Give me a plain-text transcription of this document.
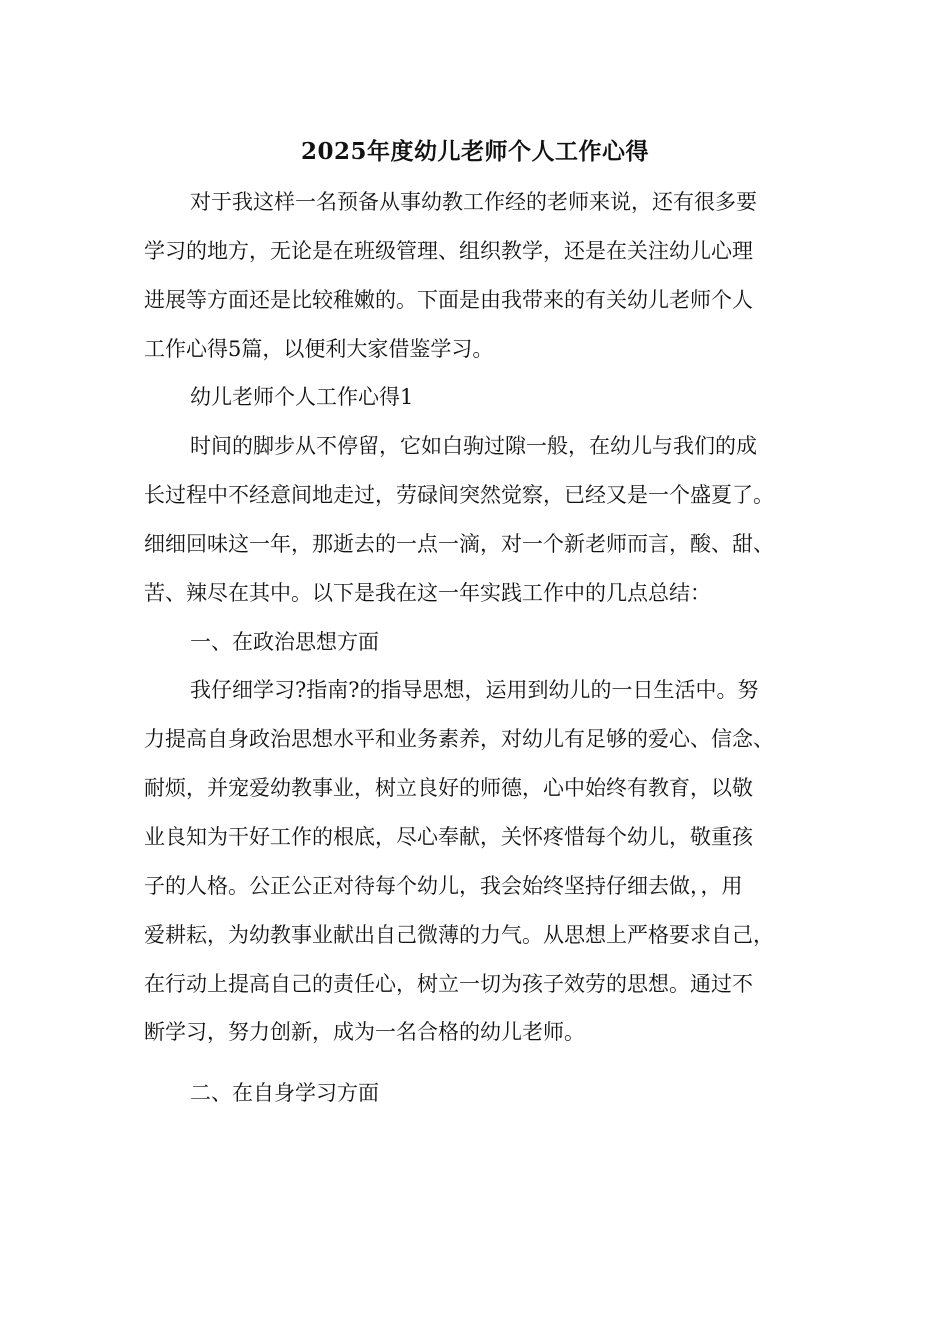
2025年度幼儿老师个人工作心得
对于我这样一名预备从事幼教工作经的老师来说，还有很多要
学习的地方，无论是在班级管理、组织教学，还是在关注幼儿心理
进展等方面还是比较稚嫩的。下面是由我带来的有关幼儿老师个人
工作心得5篇，以便利大家借鉴学习。
幼儿老师个人工作心得1
时间的脚步从不停留，它如白驹过隙一般，在幼儿与我们的成
长过程中不经意间地走过，劳碌间突然觉察，已经又是一个盛夏了。
细细回味这一年，那逝去的一点一滴，对一个新老师而言，酸、甜、
苦、辣尽在其中。以下是我在这一年实践工作中的几点总结：
一、在政治思想方面
我仔细学习?指南?的指导思想，运用到幼儿的一日生活中。努
力提高自身政治思想水平和业务素养，对幼儿有足够的爱心、信念、
耐烦，并宠爱幼教事业，树立良好的师德，心中始终有教育，以敬
业良知为干好工作的根底，尽心奉献，关怀疼惜每个幼儿，敬重孩
子的人格。公正公正对待每个幼儿，我会始终坚持仔细去做，，用
爱耕耘，为幼教事业献出自己微薄的力气。从思想上严格要求自己，
在行动上提高自己的责任心，树立一切为孩子效劳的思想。通过不
断学习，努力创新，成为一名合格的幼儿老师。
二、在自身学习方面
